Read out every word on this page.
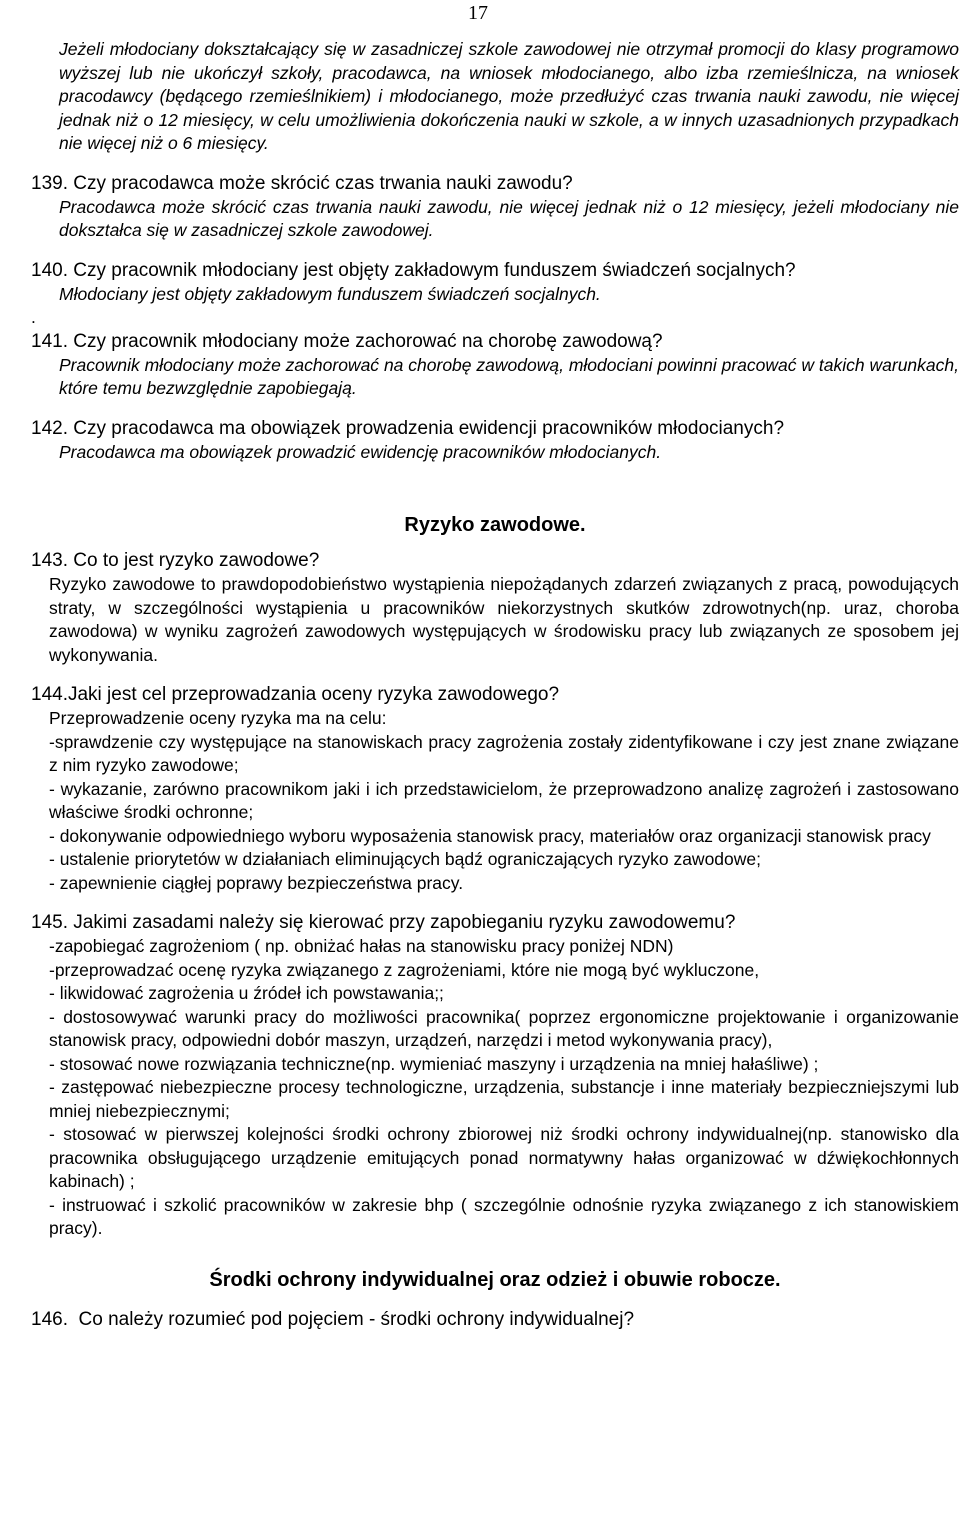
17

Jeżeli młodociany dokształcający się w zasadniczej szkole zawodowej nie otrzymał promocji do klasy programowo wyższej lub nie ukończył szkoły, pracodawca, na wniosek młodocianego, albo izba rzemieślnicza, na wniosek pracodawcy (będącego rzemieślnikiem) i młodocianego, może przedłużyć czas trwania nauki zawodu, nie więcej jednak niż o 12 miesięcy, w celu umożliwienia dokończenia nauki w szkole, a w innych uzasadnionych przypadkach nie więcej niż o 6 miesięcy.

139. Czy pracodawca może skrócić czas trwania nauki zawodu?

Pracodawca może skrócić czas trwania nauki zawodu, nie więcej jednak niż o 12 miesięcy, jeżeli młodociany nie dokształca się w zasadniczej szkole zawodowej.

140. Czy pracownik młodociany jest objęty zakładowym funduszem świadczeń socjalnych?

Młodociany jest objęty zakładowym funduszem świadczeń socjalnych.

.

141. Czy pracownik młodociany może zachorować na chorobę zawodową?

Pracownik młodociany może zachorować na chorobę zawodową, młodociani powinni pracować w takich warunkach, które temu bezwzględnie zapobiegają.

142. Czy pracodawca ma obowiązek prowadzenia ewidencji pracowników młodocianych?

Pracodawca ma obowiązek prowadzić ewidencję pracowników młodocianych.

Ryzyko zawodowe.

143. Co to jest ryzyko zawodowe?

Ryzyko zawodowe to prawdopodobieństwo wystąpienia niepożądanych zdarzeń związanych z pracą, powodujących straty, w szczególności wystąpienia u pracowników niekorzystnych skutków zdrowotnych(np. uraz, choroba zawodowa) w wyniku zagrożeń zawodowych występujących w środowisku pracy lub związanych ze sposobem jej wykonywania.

144.Jaki jest cel przeprowadzania oceny ryzyka zawodowego?

Przeprowadzenie oceny ryzyka ma na celu:

-sprawdzenie czy występujące na stanowiskach pracy zagrożenia zostały zidentyfikowane i czy jest znane związane z nim ryzyko zawodowe;

- wykazanie, zarówno pracownikom jaki i ich przedstawicielom, że przeprowadzono analizę zagrożeń i zastosowano właściwe środki ochronne;

- dokonywanie odpowiedniego wyboru wyposażenia stanowisk pracy, materiałów oraz organizacji stanowisk pracy

- ustalenie priorytetów w działaniach eliminujących bądź ograniczających ryzyko zawodowe;

- zapewnienie ciągłej poprawy bezpieczeństwa pracy.

145. Jakimi zasadami należy się kierować przy zapobieganiu ryzyku zawodowemu?

-zapobiegać zagrożeniom ( np. obniżać hałas na stanowisku pracy poniżej NDN)

-przeprowadzać ocenę ryzyka związanego z zagrożeniami, które nie mogą być wykluczone,

- likwidować zagrożenia u źródeł ich powstawania;;

- dostosowywać warunki pracy do możliwości pracownika( poprzez ergonomiczne projektowanie i organizowanie stanowisk pracy, odpowiedni dobór maszyn, urządzeń, narzędzi i metod wykonywania pracy),

- stosować nowe rozwiązania techniczne(np. wymieniać maszyny i urządzenia na mniej hałaśliwe) ;

- zastępować niebezpieczne procesy technologiczne, urządzenia, substancje i inne materiały bezpieczniejszymi lub mniej niebezpiecznymi;

- stosować w pierwszej kolejności środki ochrony zbiorowej niż środki ochrony indywidualnej(np. stanowisko dla pracownika obsługującego urządzenie emitujących ponad normatywny hałas organizować w dźwiękochłonnych kabinach) ;

- instruować i szkolić pracowników w zakresie bhp ( szczególnie odnośnie ryzyka związanego z ich stanowiskiem pracy).

Środki ochrony indywidualnej oraz odzież i obuwie robocze.

146.  Co należy rozumieć pod pojęciem - środki ochrony indywidualnej?
